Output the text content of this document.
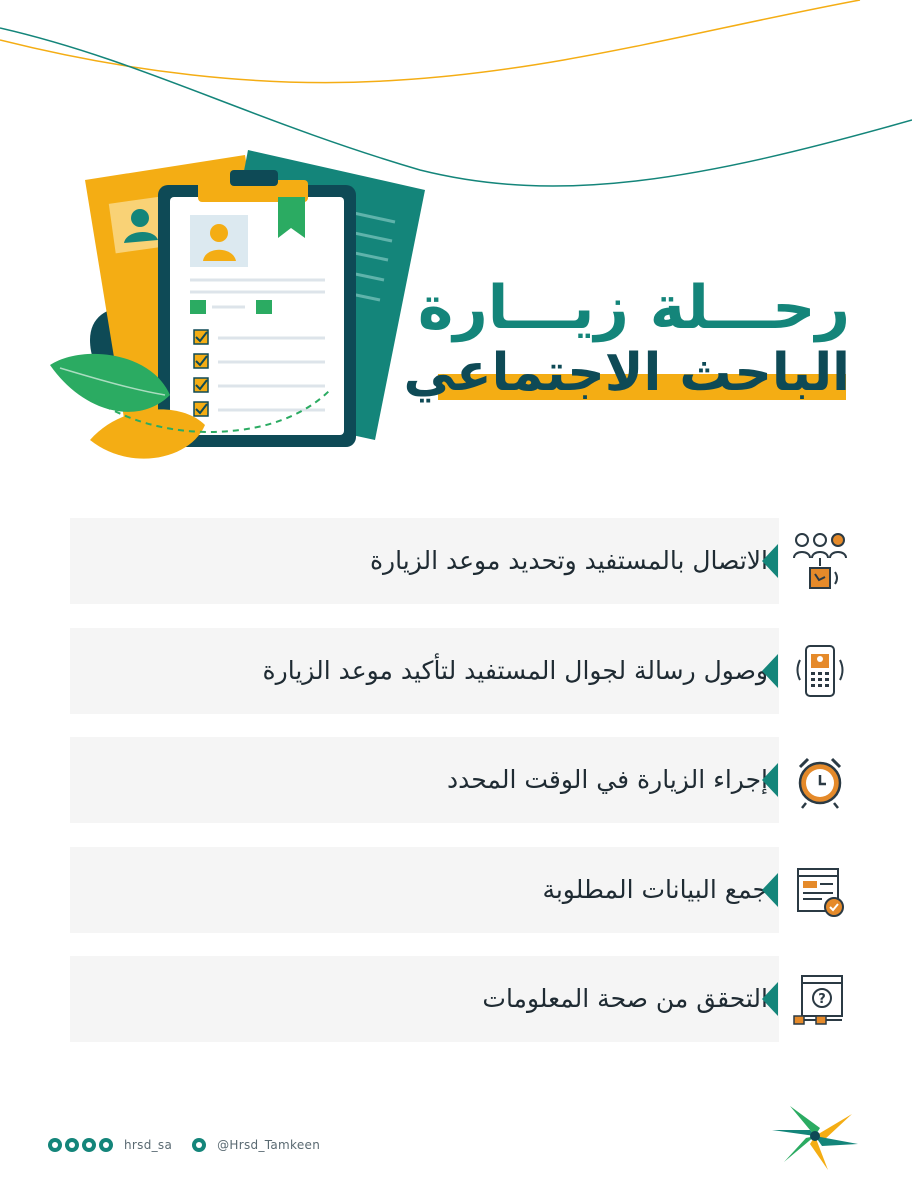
رحـــلة زيـــارة
الباحث الاجتماعي
الاتصال بالمستفيد وتحديد موعد الزيارة
وصول رسالة لجوال المستفيد لتأكيد موعد الزيارة
إجراء الزيارة في الوقت المحدد
جمع البيانات المطلوبة
التحقق من صحة المعلومات	?
hrsd_sa	@Hrsd_Tamkeen
